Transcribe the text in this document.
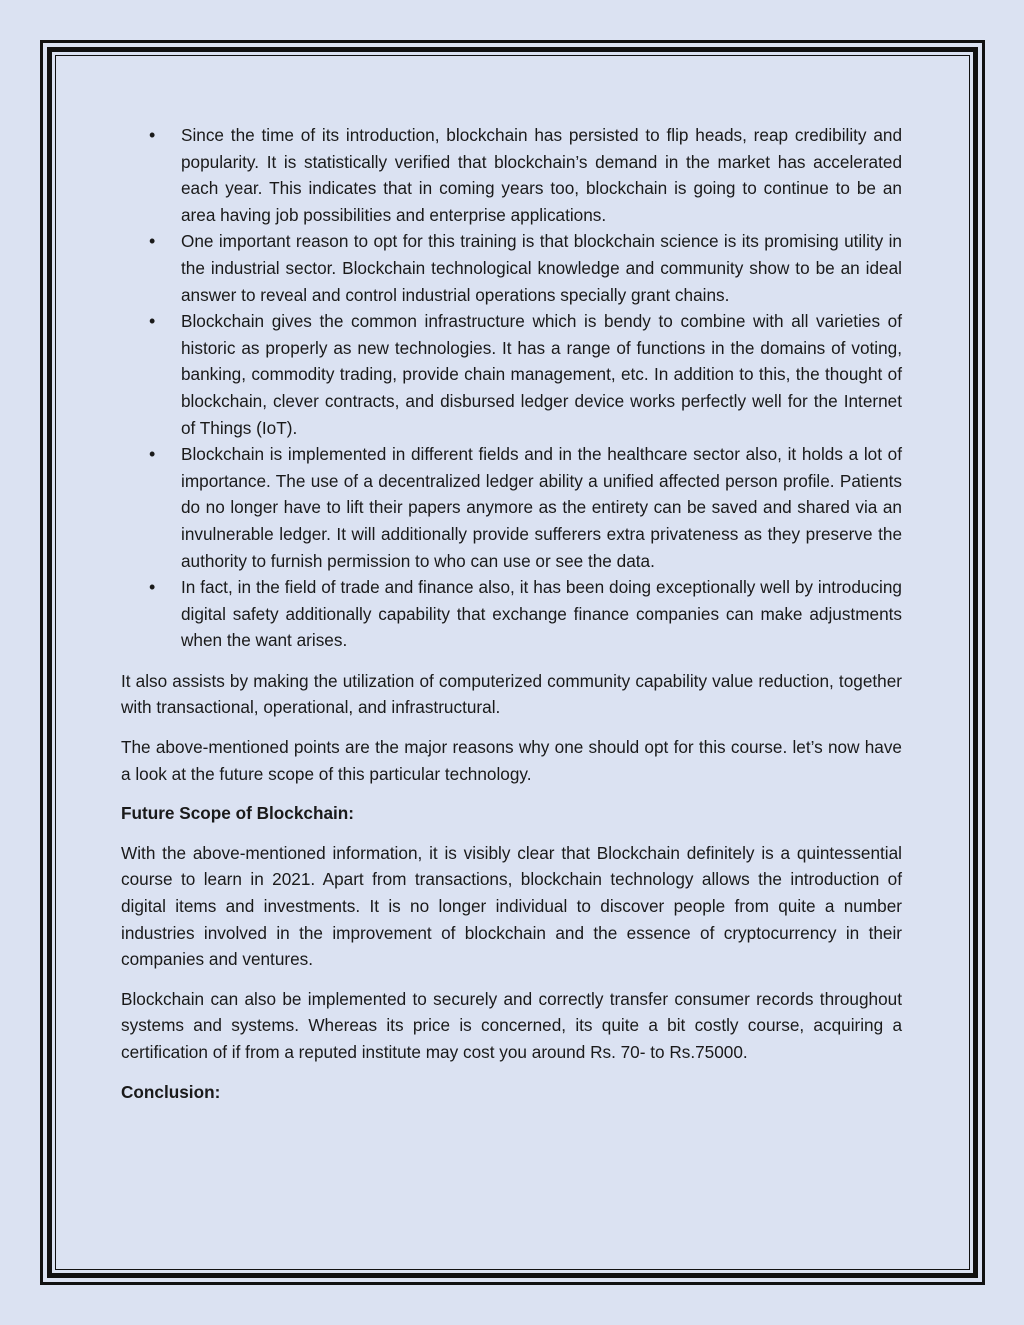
• Since the time of its introduction, blockchain has persisted to flip heads, reap credibility and popularity. It is statistically verified that blockchain’s demand in the market has accelerated each year. This indicates that in coming years too, blockchain is going to continue to be an area having job possibilities and enterprise applications.
• One important reason to opt for this training is that blockchain science is its promising utility in the industrial sector. Blockchain technological knowledge and community show to be an ideal answer to reveal and control industrial operations specially grant chains.
• Blockchain gives the common infrastructure which is bendy to combine with all varieties of historic as properly as new technologies. It has a range of functions in the domains of voting, banking, commodity trading, provide chain management, etc. In addition to this, the thought of blockchain, clever contracts, and disbursed ledger device works perfectly well for the Internet of Things (IoT).
• Blockchain is implemented in different fields and in the healthcare sector also, it holds a lot of importance. The use of a decentralized ledger ability a unified affected person profile. Patients do no longer have to lift their papers anymore as the entirety can be saved and shared via an invulnerable ledger. It will additionally provide sufferers extra privateness as they preserve the authority to furnish permission to who can use or see the data.
• In fact, in the field of trade and finance also, it has been doing exceptionally well by introducing digital safety additionally capability that exchange finance companies can make adjustments when the want arises.

It also assists by making the utilization of computerized community capability value reduction, together with transactional, operational, and infrastructural.

The above-mentioned points are the major reasons why one should opt for this course. let’s now have a look at the future scope of this particular technology.

Future Scope of Blockchain:

With the above-mentioned information, it is visibly clear that Blockchain definitely is a quintessential course to learn in 2021. Apart from transactions, blockchain technology allows the introduction of digital items and investments. It is no longer individual to discover people from quite a number industries involved in the improvement of blockchain and the essence of cryptocurrency in their companies and ventures.

Blockchain can also be implemented to securely and correctly transfer consumer records throughout systems and systems. Whereas its price is concerned, its quite a bit costly course, acquiring a certification of if from a reputed institute may cost you around Rs. 70- to Rs.75000.

Conclusion:
